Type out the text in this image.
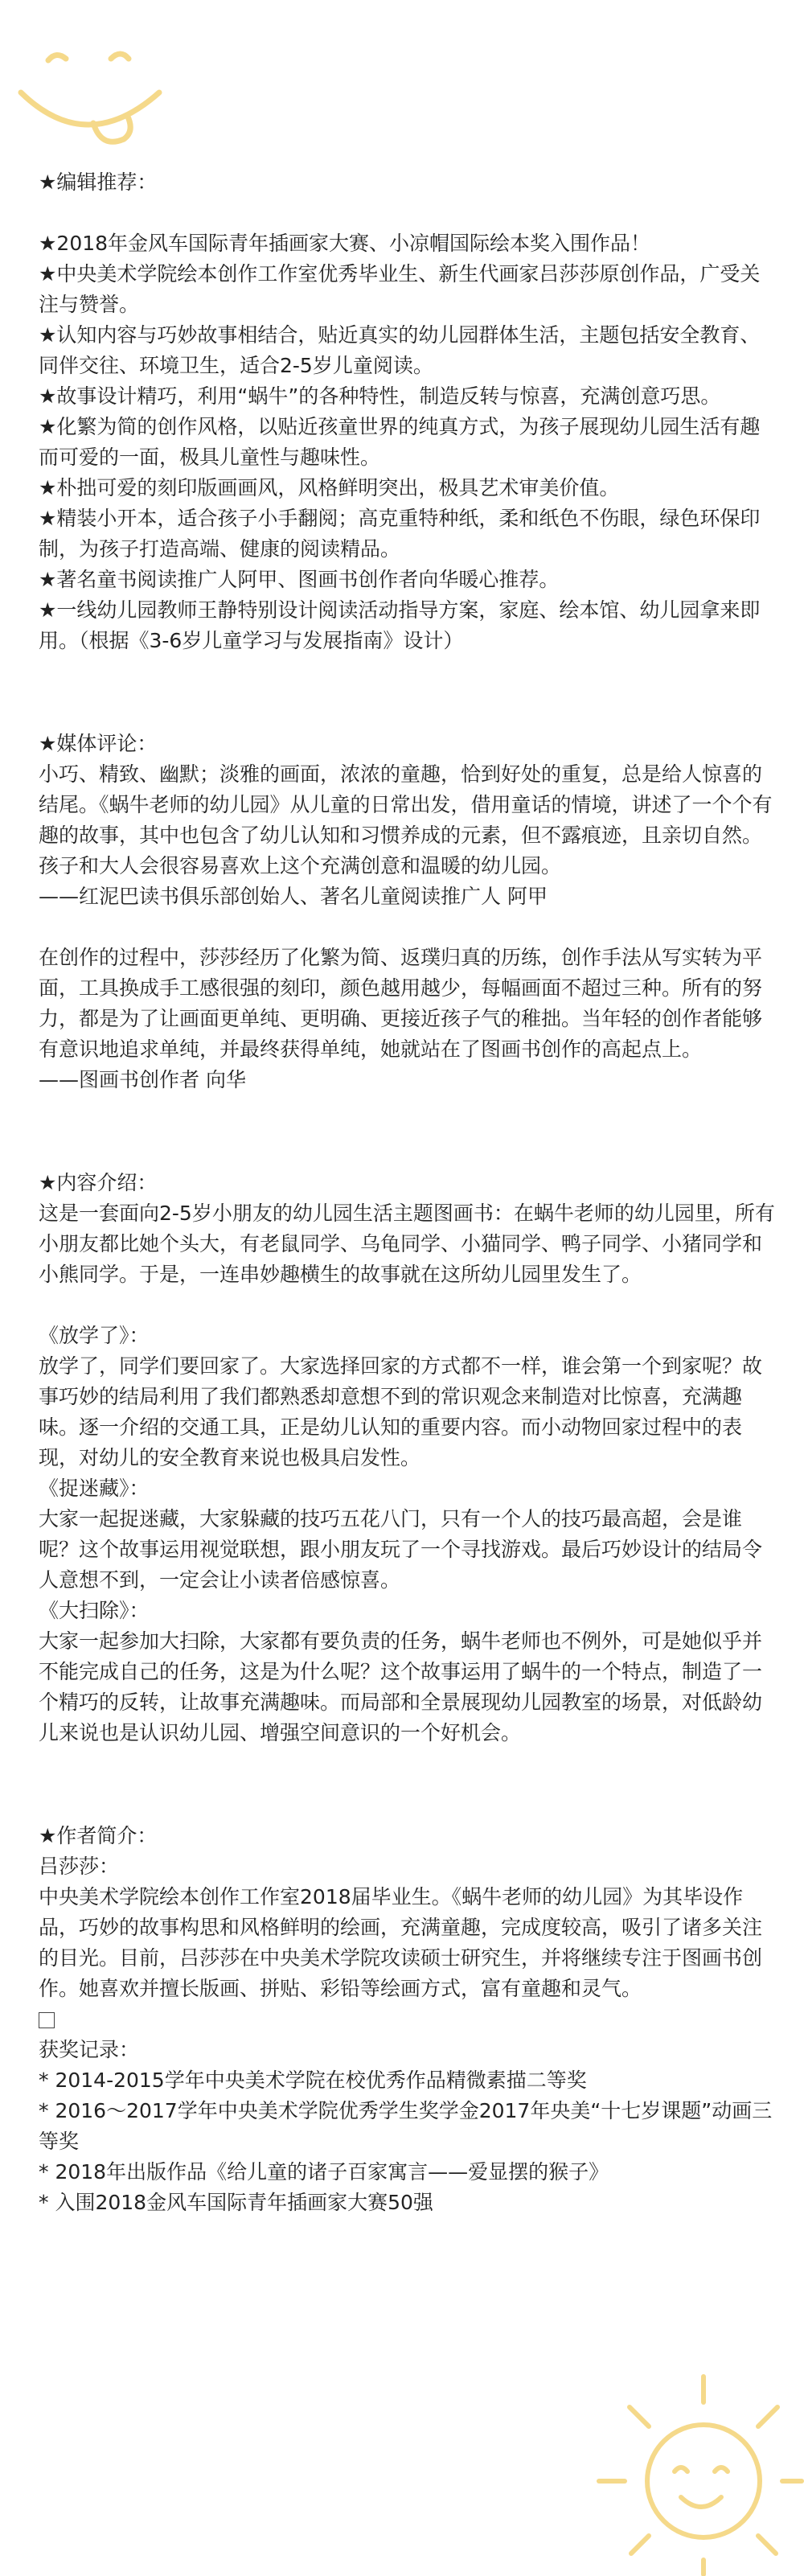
★编辑推荐：

★2018年金风车国际青年插画家大赛、小凉帽国际绘本奖入围作品！

★中央美术学院绘本创作工作室优秀毕业生、新生代画家吕莎莎原创作品，广受关注与赞誉。

★认知内容与巧妙故事相结合，贴近真实的幼儿园群体生活，主题包括安全教育、同伴交往、环境卫生，适合2-5岁儿童阅读。

★故事设计精巧，利用“蜗牛”的各种特性，制造反转与惊喜，充满创意巧思。

★化繁为简的创作风格，以贴近孩童世界的纯真方式，为孩子展现幼儿园生活有趣而可爱的一面，极具儿童性与趣味性。

★朴拙可爱的刻印版画画风，风格鲜明突出，极具艺术审美价值。

★精装小开本，适合孩子小手翻阅；高克重特种纸，柔和纸色不伤眼，绿色环保印制，为孩子打造高端、健康的阅读精品。

★著名童书阅读推广人阿甲、图画书创作者向华暖心推荐。

★一线幼儿园教师王静特别设计阅读活动指导方案，家庭、绘本馆、幼儿园拿来即用。（根据《3-6岁儿童学习与发展指南》设计）

★媒体评论：

小巧、精致、幽默；淡雅的画面，浓浓的童趣，恰到好处的重复，总是给人惊喜的结尾。《蜗牛老师的幼儿园》从儿童的日常出发，借用童话的情境，讲述了一个个有趣的故事，其中也包含了幼儿认知和习惯养成的元素，但不露痕迹，且亲切自然。孩子和大人会很容易喜欢上这个充满创意和温暖的幼儿园。

——红泥巴读书俱乐部创始人、著名儿童阅读推广人 阿甲

在创作的过程中，莎莎经历了化繁为简、返璞归真的历练，创作手法从写实转为平面，工具换成手工感很强的刻印，颜色越用越少，每幅画面不超过三种。所有的努力，都是为了让画面更单纯、更明确、更接近孩子气的稚拙。当年轻的创作者能够有意识地追求单纯，并最终获得单纯，她就站在了图画书创作的高起点上。

——图画书创作者 向华

★内容介绍：

这是一套面向2-5岁小朋友的幼儿园生活主题图画书：在蜗牛老师的幼儿园里，所有小朋友都比她个头大，有老鼠同学、乌龟同学、小猫同学、鸭子同学、小猪同学和小熊同学。于是，一连串妙趣横生的故事就在这所幼儿园里发生了。

《放学了》：

放学了，同学们要回家了。大家选择回家的方式都不一样，谁会第一个到家呢？故事巧妙的结局利用了我们都熟悉却意想不到的常识观念来制造对比惊喜，充满趣味。逐一介绍的交通工具，正是幼儿认知的重要内容。而小动物回家过程中的表现，对幼儿的安全教育来说也极具启发性。

《捉迷藏》：

大家一起捉迷藏，大家躲藏的技巧五花八门，只有一个人的技巧最高超，会是谁呢？这个故事运用视觉联想，跟小朋友玩了一个寻找游戏。最后巧妙设计的结局令人意想不到，一定会让小读者倍感惊喜。

《大扫除》：

大家一起参加大扫除，大家都有要负责的任务，蜗牛老师也不例外，可是她似乎并不能完成自己的任务，这是为什么呢？这个故事运用了蜗牛的一个特点，制造了一个精巧的反转，让故事充满趣味。而局部和全景展现幼儿园教室的场景，对低龄幼儿来说也是认识幼儿园、增强空间意识的一个好机会。

★作者简介：

吕莎莎：

中央美术学院绘本创作工作室2018届毕业生。《蜗牛老师的幼儿园》为其毕设作品，巧妙的故事构思和风格鲜明的绘画，充满童趣，完成度较高，吸引了诸多关注的目光。目前，吕莎莎在中央美术学院攻读硕士研究生，并将继续专注于图画书创作。她喜欢并擅长版画、拼贴、彩铅等绘画方式，富有童趣和灵气。

获奖记录：

* 2014-2015学年中央美术学院在校优秀作品精微素描二等奖

* 2016～2017学年中央美术学院优秀学生奖学金2017年央美“十七岁课题”动画三等奖

* 2018年出版作品《给儿童的诸子百家寓言——爱显摆的猴子》

* 入围2018金风车国际青年插画家大赛50强
